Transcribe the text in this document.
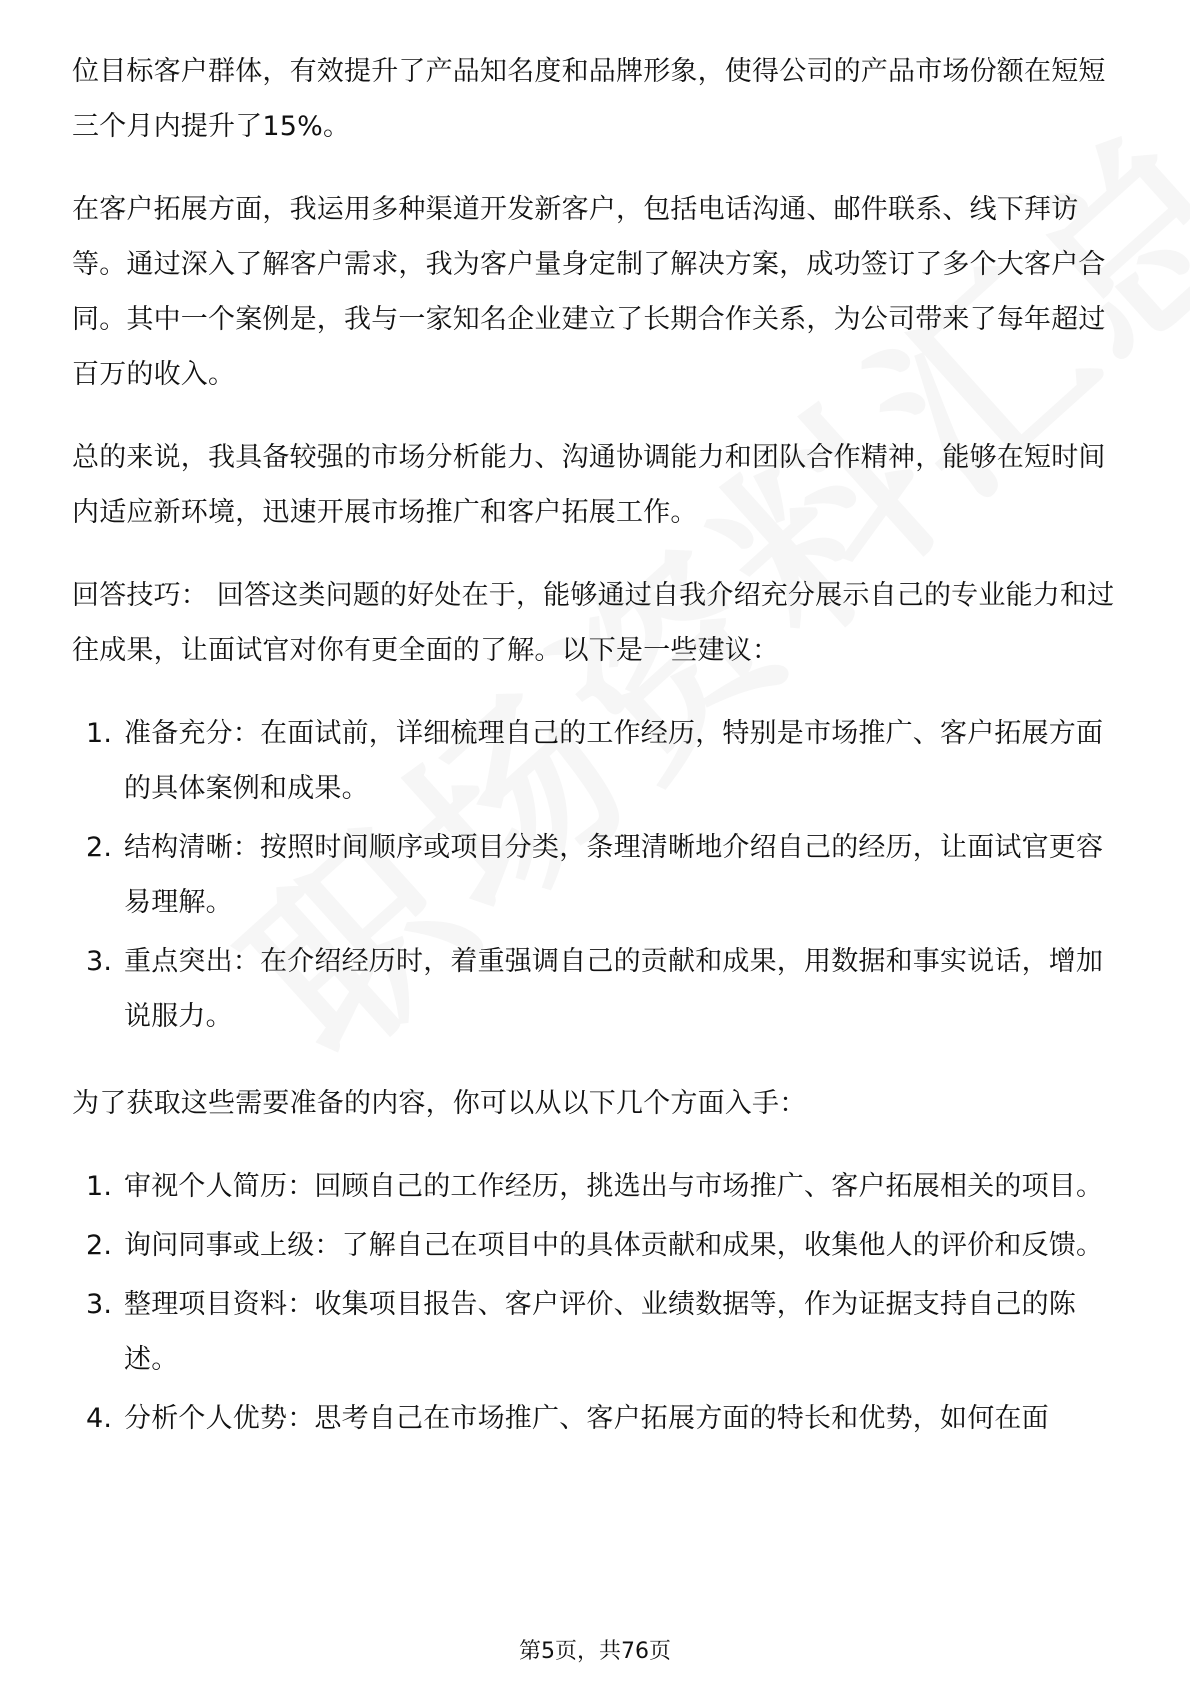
位目标客户群体，有效提升了产品知名度和品牌形象，使得公司的产品市场份额在短短三个月内提升了15%。

在客户拓展方面，我运用多种渠道开发新客户，包括电话沟通、邮件联系、线下拜访等。通过深入了解客户需求，我为客户量身定制了解决方案，成功签订了多个大客户合同。其中一个案例是，我与一家知名企业建立了长期合作关系，为公司带来了每年超过百万的收入。

总的来说，我具备较强的市场分析能力、沟通协调能力和团队合作精神，能够在短时间内适应新环境，迅速开展市场推广和客户拓展工作。

回答技巧： 回答这类问题的好处在于，能够通过自我介绍充分展示自己的专业能力和过往成果，让面试官对你有更全面的了解。以下是一些建议：

1. 准备充分：在面试前，详细梳理自己的工作经历，特别是市场推广、客户拓展方面的具体案例和成果。
2. 结构清晰：按照时间顺序或项目分类，条理清晰地介绍自己的经历，让面试官更容易理解。
3. 重点突出：在介绍经历时，着重强调自己的贡献和成果，用数据和事实说话，增加说服力。

为了获取这些需要准备的内容，你可以从以下几个方面入手：

1. 审视个人简历：回顾自己的工作经历，挑选出与市场推广、客户拓展相关的项目。
2. 询问同事或上级：了解自己在项目中的具体贡献和成果，收集他人的评价和反馈。
3. 整理项目资料：收集项目报告、客户评价、业绩数据等，作为证据支持自己的陈述。
4. 分析个人优势：思考自己在市场推广、客户拓展方面的特长和优势，如何在面
第5页，共76页
